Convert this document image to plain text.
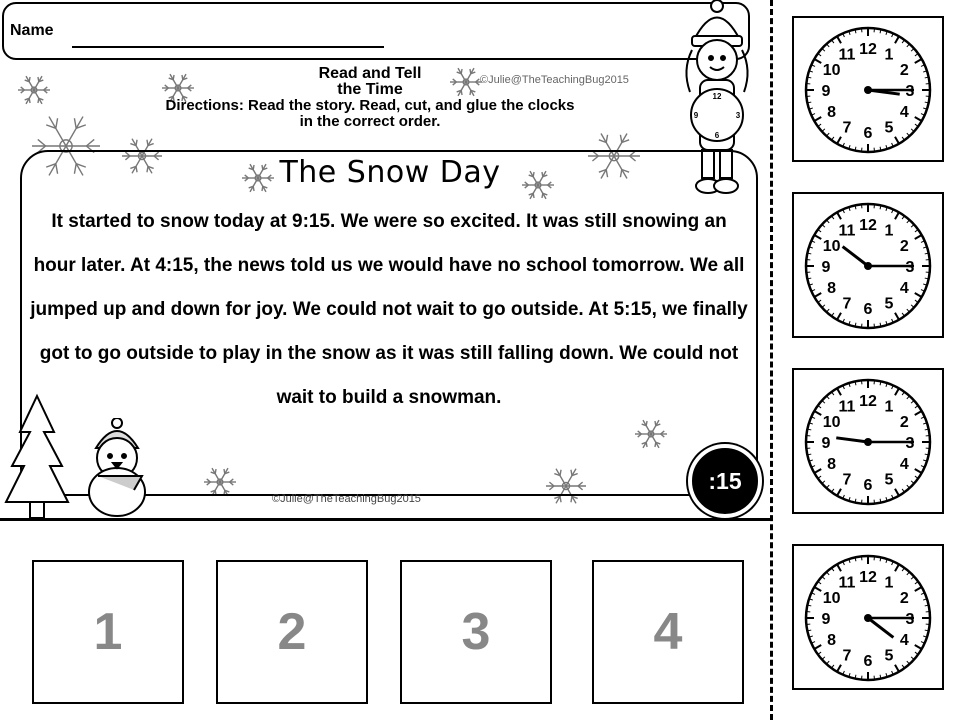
Name
Read and Tell
the Time
Directions: Read the story. Read, cut, and glue the clocks
in the correct order.
©Julie@TheTeachingBug2015
12
6
3
9
The Snow Day
It started to snow today at 9:15. We were so excited. It was still snowing an hour later. At 4:15, the news told us we would have no school tomorrow. We all jumped up and down for joy. We could not wait to go outside. At 5:15, we finally got to go outside to play in the snow as it was still falling down. We could not wait to build a snowman.
:15
©Julie@TheTeachingBug2015
1	2	3	4
12 1
2
3
4
5
6
7
8
9
10
11
12 1
2
3
4
5
6
7
8
9
10
11
12 1
2
3
4
5
6
7
8
9
10
11
12 1
2
3
4
5
6
7
8
9
10
11
